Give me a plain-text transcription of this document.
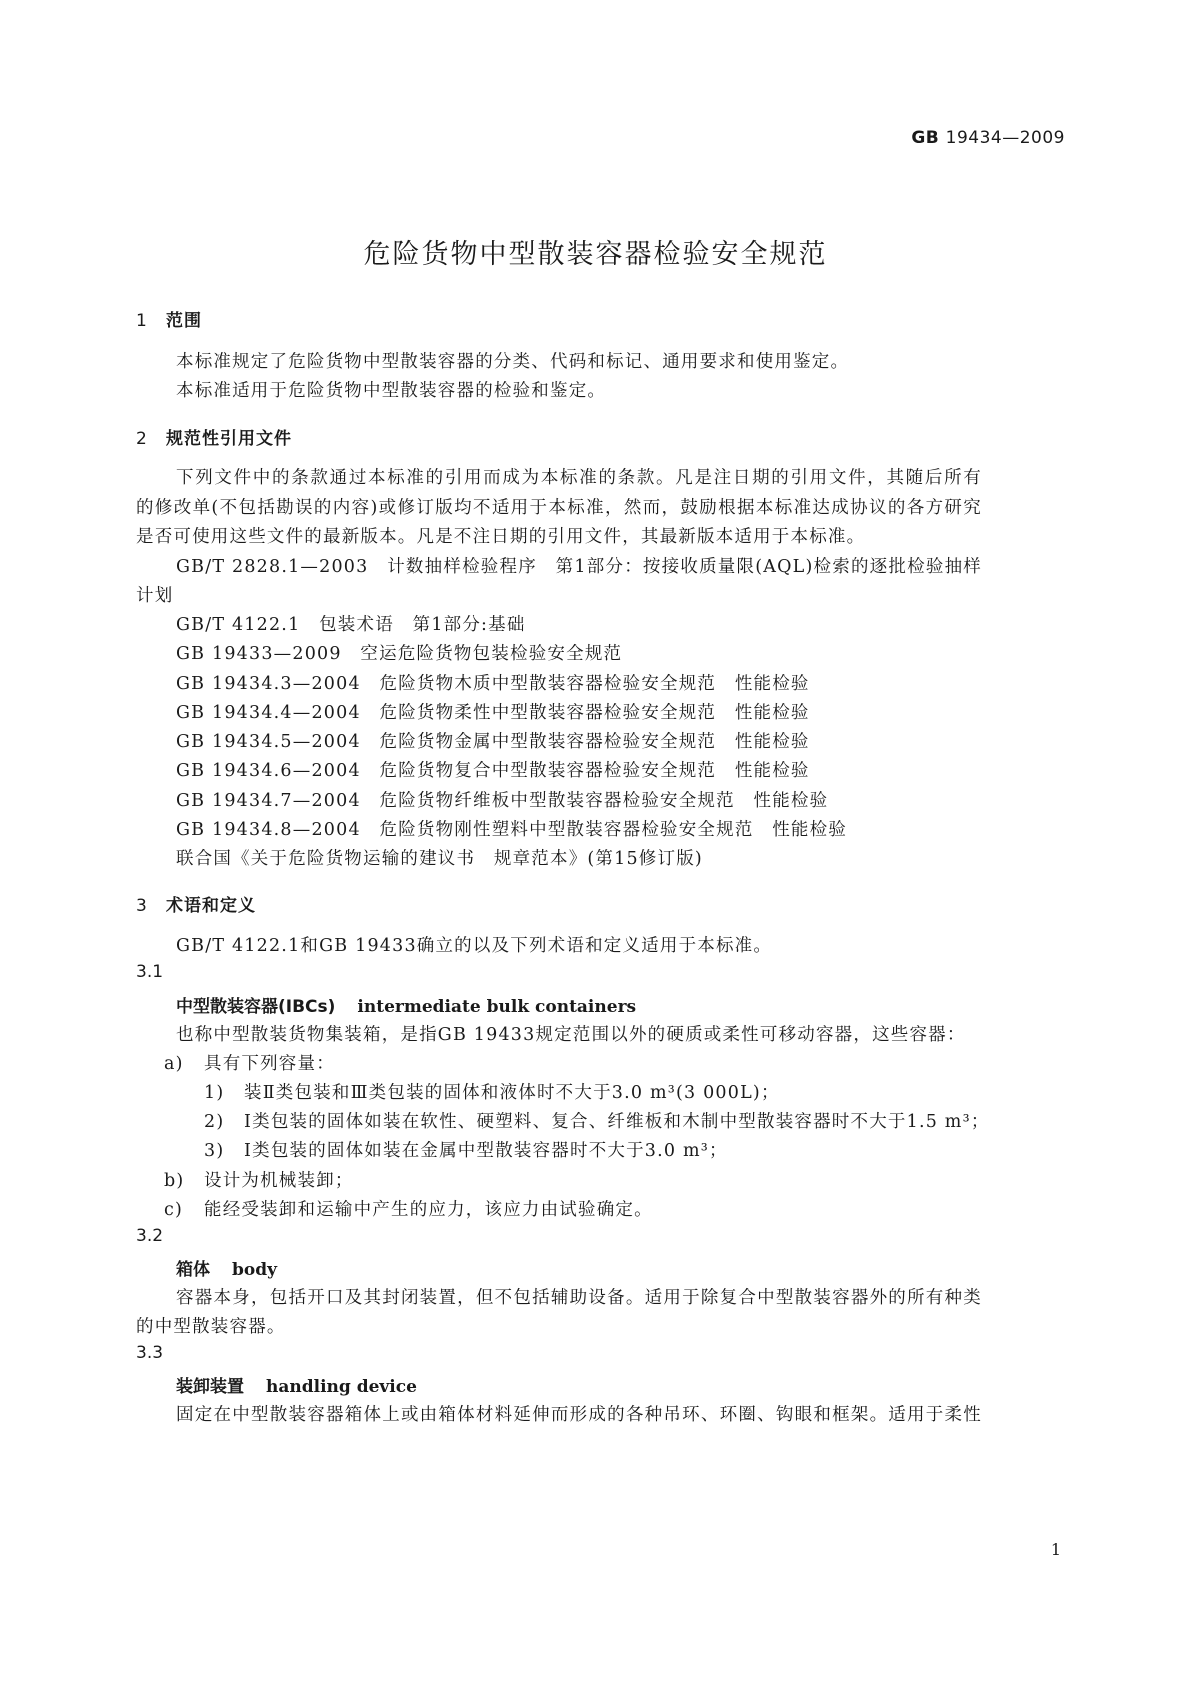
GB 19434—2009
危险货物中型散装容器检验安全规范
1 范围
本标准规定了危险货物中型散装容器的分类、代码和标记、通用要求和使用鉴定。
本标准适用于危险货物中型散装容器的检验和鉴定。
2 规范性引用文件
下列文件中的条款通过本标准的引用而成为本标准的条款。凡是注日期的引用文件，其随后所有
的修改单(不包括勘误的内容)或修订版均不适用于本标准，然而，鼓励根据本标准达成协议的各方研究
是否可使用这些文件的最新版本。凡是不注日期的引用文件，其最新版本适用于本标准。
GB/T 2828.1—2003　计数抽样检验程序　第1部分：按接收质量限(AQL)检索的逐批检验抽样
计划
GB/T 4122.1　 包装术语　 第1部分:基础
GB 19433—2009　 空运危险货物包装检验安全规范
GB 19434.3—2004　 危险货物木质中型散装容器检验安全规范　 性能检验
GB 19434.4—2004　 危险货物柔性中型散装容器检验安全规范　 性能检验
GB 19434.5—2004　 危险货物金属中型散装容器检验安全规范　 性能检验
GB 19434.6—2004　 危险货物复合中型散装容器检验安全规范　 性能检验
GB 19434.7—2004　 危险货物纤维板中型散装容器检验安全规范　 性能检验
GB 19434.8—2004　 危险货物刚性塑料中型散装容器检验安全规范　 性能检验
联合国《关于危险货物运输的建议书　规章范本》(第15修订版)
3 术语和定义
GB/T 4122.1和GB 19433确立的以及下列术语和定义适用于本标准。
3.1
中型散装容器(IBCs) intermediate bulk containers
也称中型散装货物集装箱，是指GB 19433规定范围以外的硬质或柔性可移动容器，这些容器：
a) 具有下列容量：
1) 装Ⅱ类包装和Ⅲ类包装的固体和液体时不大于3.0 m³(3 000L)；
2) Ⅰ类包装的固体如装在软性、硬塑料、复合、纤维板和木制中型散装容器时不大于1.5 m³；
3) Ⅰ类包装的固体如装在金属中型散装容器时不大于3.0 m³；
b) 设计为机械装卸；
c) 能经受装卸和运输中产生的应力，该应力由试验确定。
3.2
箱体 body
容器本身，包括开口及其封闭装置，但不包括辅助设备。适用于除复合中型散装容器外的所有种类
的中型散装容器。
3.3
装卸装置 handling device
固定在中型散装容器箱体上或由箱体材料延伸而形成的各种吊环、环圈、钩眼和框架。适用于柔性
1
